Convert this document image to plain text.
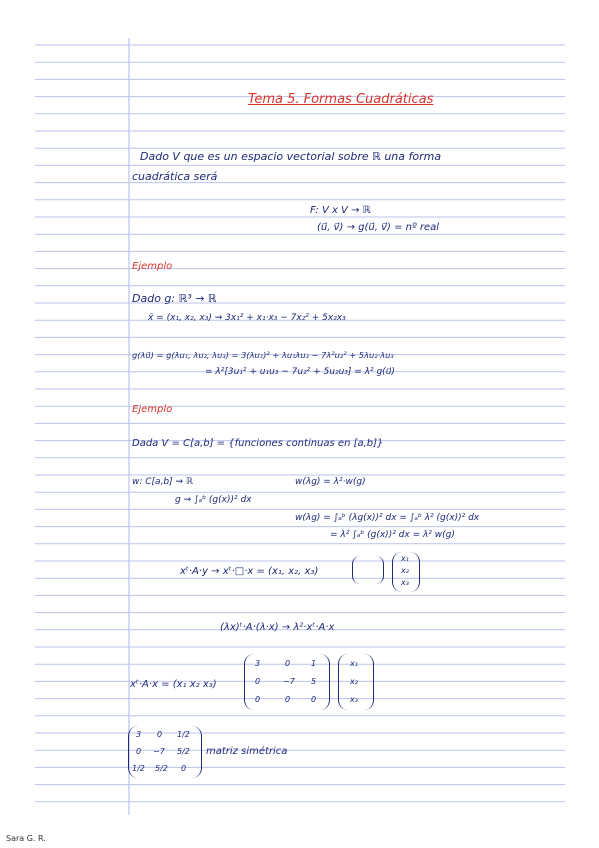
Tema 5. Formas Cuadráticas
Dado V que es un espacio vectorial sobre ℝ una forma
cuadrática será
F: V x V → ℝ
(u⃗, v⃗) → g(u⃗, v⃗) = nº real
Ejemplo
Dado g: ℝ³ → ℝ
x̄ = (x₁, x₂, x₃) ⇝ 3x₁² + x₁·x₃ − 7x₂² + 5x₂x₃
g(λu⃗) = g(λu₁, λu₂, λu₃) = 3(λu₁)² + λu₁λu₃ − 7λ²u₂² + 5λu₂·λu₃
= λ²[3u₁² + u₁u₃ − 7u₂² + 5u₂u₃] = λ² g(u⃗)
Ejemplo
Dada V = C[a,b] = {funciones continuas en [a,b]}
w: C[a,b] ⇝ ℝ	w(λg) = λ²·w(g)
g ⇝ ∫ₐᵇ (g(x))² dx
w(λg) = ∫ₐᵇ (λg(x))² dx = ∫ₐᵇ λ² (g(x))² dx
= λ² ∫ₐᵇ (g(x))² dx = λ² w(g)
xᵗ·A·y → xᵗ·□·x = (x₁, x₂, x₃)
x₁
x₂
x₃
(λx)ᵗ·A·(λ·x) → λ²·xᵗ·A·x
xᵗ·A·x = (x₁ x₂ x₃)
3	0	1
0	−7 5
0	0	0
x₁
x₂
x₃
3 0 1/2
0 −7 5/2
1/2 5/2 0
matriz simétrica
Sara G. R.
